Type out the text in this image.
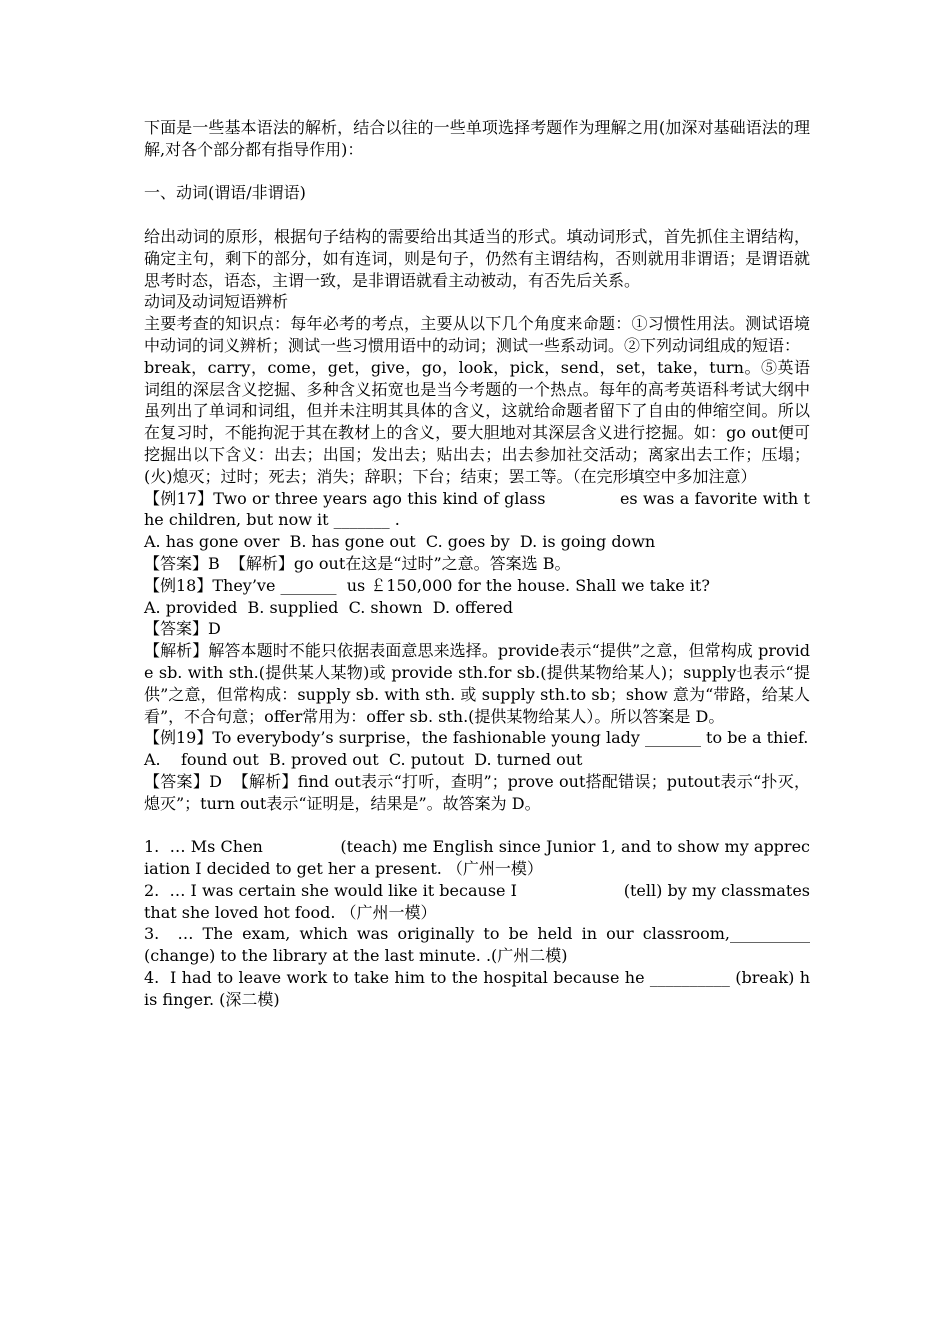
下面是一些基本语法的解析，结合以往的一些单项选择考题作为理解之用(加深对基础语法的理解,对各个部分都有指导作用)：

一、动词(谓语/非谓语)

给出动词的原形，根据句子结构的需要给出其适当的形式。填动词形式，首先抓住主谓结构，确定主句，剩下的部分，如有连词，则是句子，仍然有主谓结构，否则就用非谓语；是谓语就思考时态，语态，主谓一致，是非谓语就看主动被动，有否先后关系。

动词及动词短语辨析

主要考查的知识点：每年必考的考点，主要从以下几个角度来命题：①习惯性用法。测试语境中动词的词义辨析；测试一些习惯用语中的动词；测试一些系动词。②下列动词组成的短语：

break，carry，come，get，give，go，look，pick，send，set，take，turn。⑤英语词组的深层含义挖掘、多种含义拓宽也是当今考题的一个热点。每年的高考英语科考试大纲中虽列出了单词和词组，但并未注明其具体的含义，这就给命题者留下了自由的伸缩空间。所以在复习时，不能拘泥于其在教材上的含义，要大胆地对其深层含义进行挖掘。如：go out便可挖掘出以下含义：出去；出国；发出去；贴出去；出去参加社交活动；离家出去工作；压塌；(火)熄灭；过时；死去；消失；辞职；下台；结束；罢工等。（在完形填空中多加注意）

【例17】Two or three years ago this kind of glass              es was a favorite with the children, but now it _______ .

A. has gone over  B. has gone out  C. goes by  D. is going down

【答案】B  【解析】go out在这是“过时”之意。答案选 B。

【例18】They’ve _______  us ￡150,000 for the house. Shall we take it?

A. provided  B. supplied  C. shown  D. offered

【答案】D

【解析】解答本题时不能只依据表面意思来选择。provide表示“提供”之意，但常构成 provide sb. with sth.(提供某人某物)或 provide sth.for sb.(提供某物给某人)；supply也表示“提供”之意，但常构成：supply sb. with sth. 或 supply sth.to sb；show 意为“带路，给某人看”，不合句意；offer常用为：offer sb. sth.(提供某物给某人）。所以答案是 D。

【例19】To everybody’s surprise，the fashionable young lady _______ to be a thief.

A.    found out  B. proved out  C. putout  D. turned out

【答案】D  【解析】find out表示“打听，查明”；prove out搭配错误；putout表示“扑灭，熄灭”；turn out表示“证明是，结果是”。故答案为 D。

1.  … Ms Chen               (teach) me English since Junior 1, and to show my appreciation I decided to get her a present. （广州一模）

2.  … I was certain she would like it because I                     (tell) by my classmates that she loved hot food. （广州一模）

3.  … The exam, which was originally to be held in our classroom,__________                   (change) to the library at the last minute. .(广州二模)

4.  I had to leave work to take him to the hospital because he __________ (break) his finger. (深二模)
